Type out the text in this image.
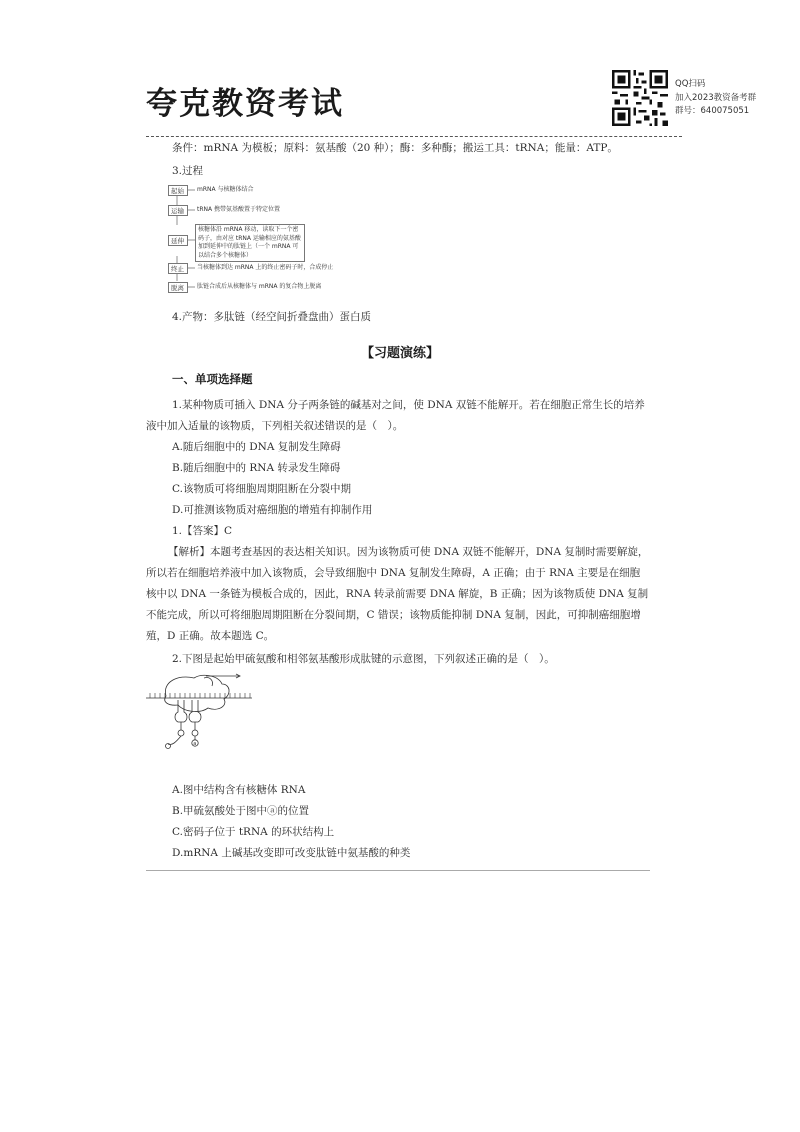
夸克教资考试
QQ扫码
加入2023教资备考群
群号：640075051
条件：mRNA 为模板；原料：氨基酸（20 种）；酶：多种酶；搬运工具：tRNA；能量：ATP。
3.过程
起始	mRNA 与核糖体结合
运输	tRNA 携带氨基酸置于特定位置
延伸
核糖体沿 mRNA 移动，读取下一个密码子，由对应 tRNA 运输相应的氨基酸加到延伸中的肽链上（一个 mRNA 可以结合多个核糖体）
终止	当核糖体到达 mRNA 上的终止密码子时，合成停止
脱离	肽链合成后从核糖体与 mRNA 的复合物上脱离
4.产物：多肽链（经空间折叠盘曲）蛋白质
【习题演练】
一、单项选择题
1.某种物质可插入 DNA 分子两条链的碱基对之间，使 DNA 双链不能解开。若在细胞正常生长的培养
液中加入适量的该物质，下列相关叙述错误的是（　）。
A.随后细胞中的 DNA 复制发生障碍
B.随后细胞中的 RNA 转录发生障碍
C.该物质可将细胞周期阻断在分裂中期
D.可推测该物质对癌细胞的增殖有抑制作用
1.【答案】C
【解析】本题考查基因的表达相关知识。因为该物质可使 DNA 双链不能解开，DNA 复制时需要解旋，
所以若在细胞培养液中加入该物质，会导致细胞中 DNA 复制发生障碍，A 正确；由于 RNA 主要是在细胞
核中以 DNA 一条链为模板合成的，因此，RNA 转录前需要 DNA 解旋，B 正确；因为该物质使 DNA 复制
不能完成，所以可将细胞周期阻断在分裂间期，C 错误；该物质能抑制 DNA 复制，因此，可抑制癌细胞增
殖，D 正确。故本题选 C。
2.下图是起始甲硫氨酸和相邻氨基酸形成肽键的示意图，下列叙述正确的是（　）。
a
A.图中结构含有核糖体 RNA
B.甲硫氨酸处于图中ⓐ的位置
C.密码子位于 tRNA 的环状结构上
D.mRNA 上碱基改变即可改变肽链中氨基酸的种类
